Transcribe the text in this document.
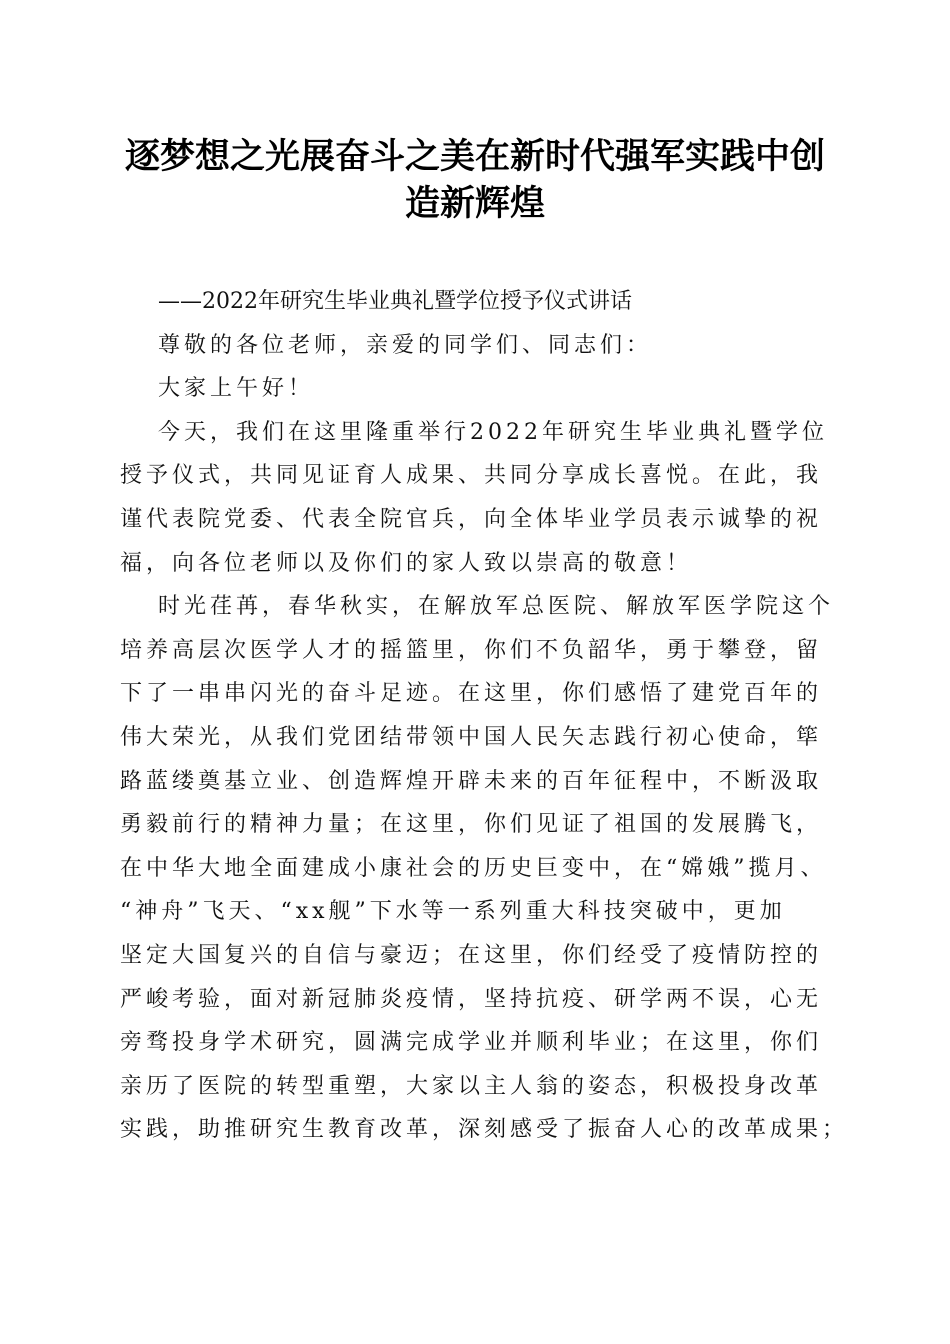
逐梦想之光展奋斗之美在新时代强军实践中创
造新辉煌
——2022年研究生毕业典礼暨学位授予仪式讲话
尊敬的各位老师，亲爱的同学们、同志们：
大家上午好！
今天，我们在这里隆重举行2022年研究生毕业典礼暨学位
授予仪式，共同见证育人成果、共同分享成长喜悦。在此，我
谨代表院党委、代表全院官兵，向全体毕业学员表示诚挚的祝
福，向各位老师以及你们的家人致以崇高的敬意！
时光荏苒，春华秋实，在解放军总医院、解放军医学院这个
培养高层次医学人才的摇篮里，你们不负韶华，勇于攀登，留
下了一串串闪光的奋斗足迹。在这里，你们感悟了建党百年的
伟大荣光，从我们党团结带领中国人民矢志践行初心使命，筚
路蓝缕奠基立业、创造辉煌开辟未来的百年征程中，不断汲取
勇毅前行的精神力量；在这里，你们见证了祖国的发展腾飞，
在中华大地全面建成小康社会的历史巨变中，在“嫦娥”揽月、
“神舟”飞天、“xx舰”下水等一系列重大科技突破中，更加
坚定大国复兴的自信与豪迈；在这里，你们经受了疫情防控的
严峻考验，面对新冠肺炎疫情，坚持抗疫、研学两不误，心无
旁骛投身学术研究，圆满完成学业并顺利毕业；在这里，你们
亲历了医院的转型重塑，大家以主人翁的姿态，积极投身改革
实践，助推研究生教育改革，深刻感受了振奋人心的改革成果；
